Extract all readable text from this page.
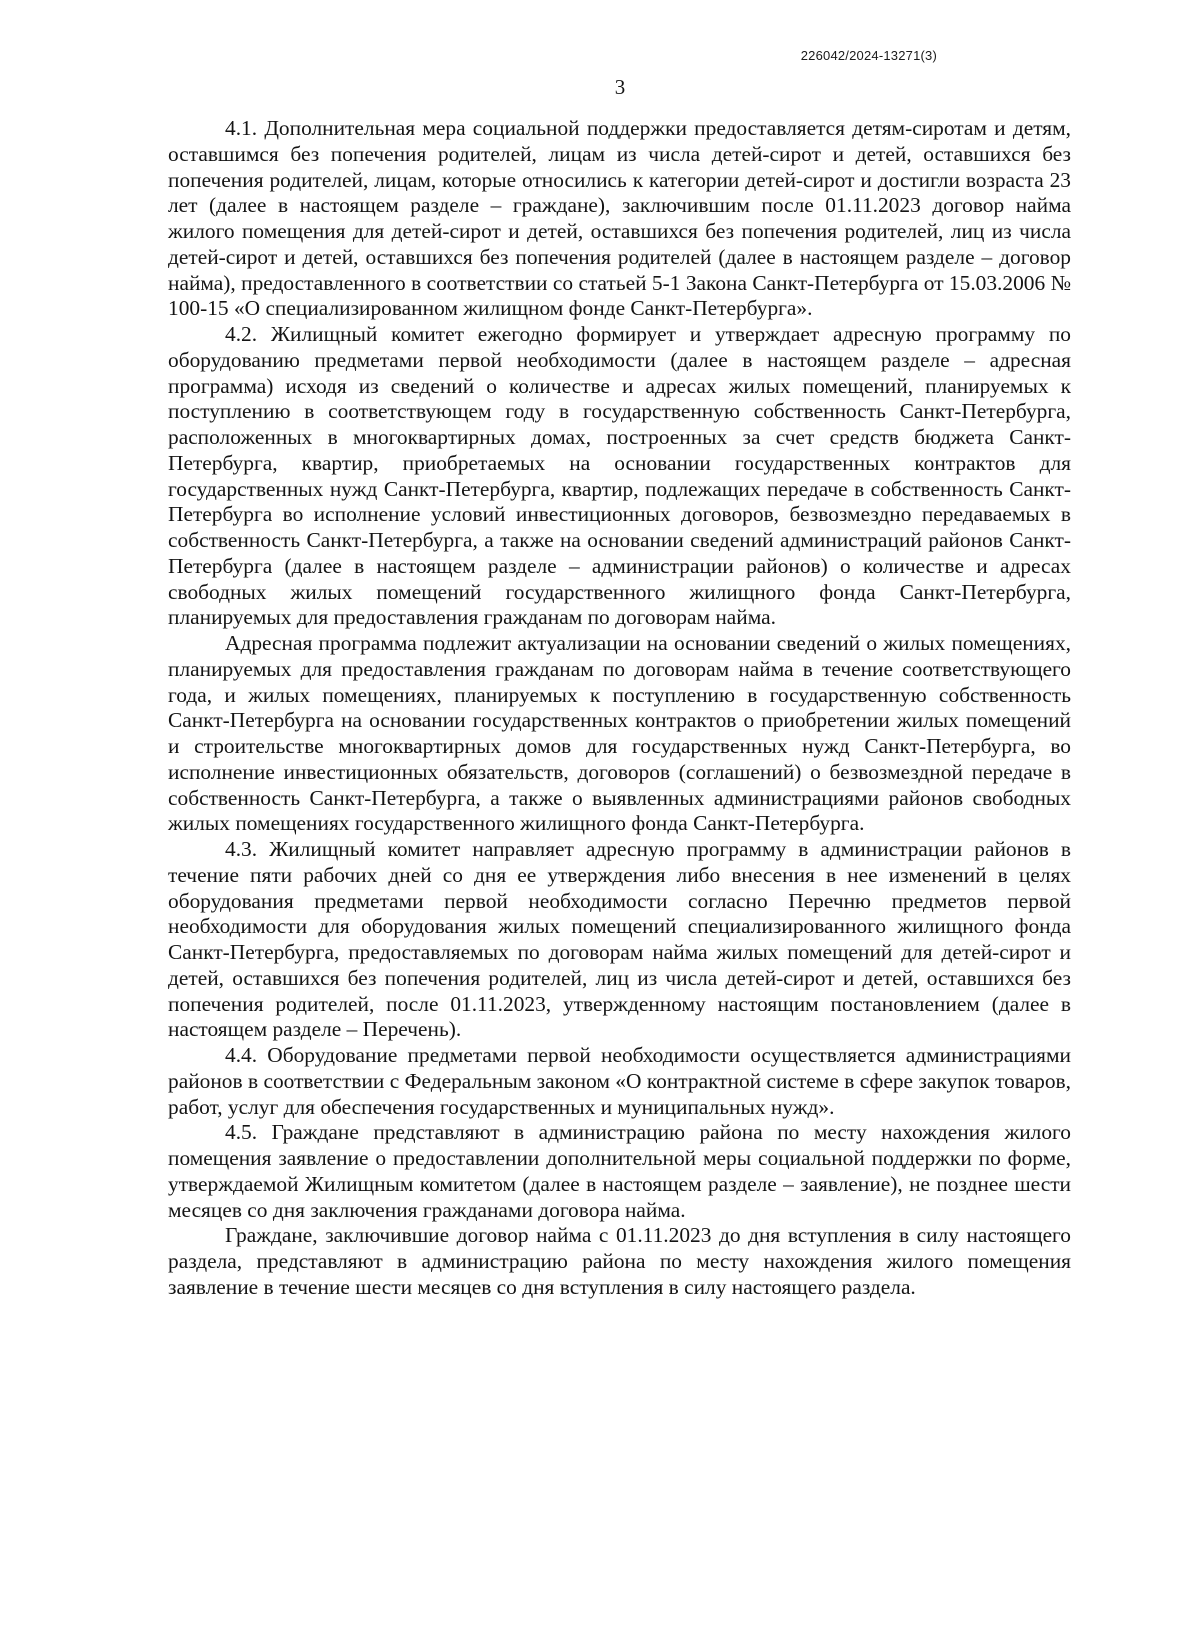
226042/2024-13271(3)
3

4.1. Дополнительная мера социальной поддержки предоставляется детям-сиротам и детям, оставшимся без попечения родителей, лицам из числа детей-сирот и детей, оставшихся без попечения родителей, лицам, которые относились к категории детей-сирот и достигли возраста 23 лет (далее в настоящем разделе – граждане), заключившим после 01.11.2023 договор найма жилого помещения для детей-сирот и детей, оставшихся без попечения родителей, лиц из числа детей-сирот и детей, оставшихся без попечения родителей (далее в настоящем разделе – договор найма), предоставленного в соответствии со статьей 5-1 Закона Санкт-Петербурга от 15.03.2006 № 100-15 «О специализированном жилищном фонде Санкт-Петербурга».

4.2. Жилищный комитет ежегодно формирует и утверждает адресную программу по оборудованию предметами первой необходимости (далее в настоящем разделе – адресная программа) исходя из сведений о количестве и адресах жилых помещений, планируемых к поступлению в соответствующем году в государственную собственность Санкт-Петербурга, расположенных в многоквартирных домах, построенных за счет средств бюджета Санкт-Петербурга, квартир, приобретаемых на основании государственных контрактов для государственных нужд Санкт-Петербурга, квартир, подлежащих передаче в собственность Санкт-Петербурга во исполнение условий инвестиционных договоров, безвозмездно передаваемых в собственность Санкт-Петербурга, а также на основании сведений администраций районов Санкт-Петербурга (далее в настоящем разделе – администрации районов) о количестве и адресах свободных жилых помещений государственного жилищного фонда Санкт-Петербурга, планируемых для предоставления гражданам по договорам найма.

Адресная программа подлежит актуализации на основании сведений о жилых помещениях, планируемых для предоставления гражданам по договорам найма в течение соответствующего года, и жилых помещениях, планируемых к поступлению в государственную собственность Санкт-Петербурга на основании государственных контрактов о приобретении жилых помещений и строительстве многоквартирных домов для государственных нужд Санкт-Петербурга, во исполнение инвестиционных обязательств, договоров (соглашений) о безвозмездной передаче в собственность Санкт-Петербурга, а также о выявленных администрациями районов свободных жилых помещениях государственного жилищного фонда Санкт-Петербурга.

4.3. Жилищный комитет направляет адресную программу в администрации районов в течение пяти рабочих дней со дня ее утверждения либо внесения в нее изменений в целях оборудования предметами первой необходимости согласно Перечню предметов первой необходимости для оборудования жилых помещений специализированного жилищного фонда Санкт-Петербурга, предоставляемых по договорам найма жилых помещений для детей-сирот и детей, оставшихся без попечения родителей, лиц из числа детей-сирот и детей, оставшихся без попечения родителей, после 01.11.2023, утвержденному настоящим постановлением (далее в настоящем разделе – Перечень).

4.4. Оборудование предметами первой необходимости осуществляется администрациями районов в соответствии с Федеральным законом «О контрактной системе в сфере закупок товаров, работ, услуг для обеспечения государственных и муниципальных нужд».

4.5. Граждане представляют в администрацию района по месту нахождения жилого помещения заявление о предоставлении дополнительной меры социальной поддержки по форме, утверждаемой Жилищным комитетом (далее в настоящем разделе – заявление), не позднее шести месяцев со дня заключения гражданами договора найма.

Граждане, заключившие договор найма с 01.11.2023 до дня вступления в силу настоящего раздела, представляют в администрацию района по месту нахождения жилого помещения заявление в течение шести месяцев со дня вступления в силу настоящего раздела.
